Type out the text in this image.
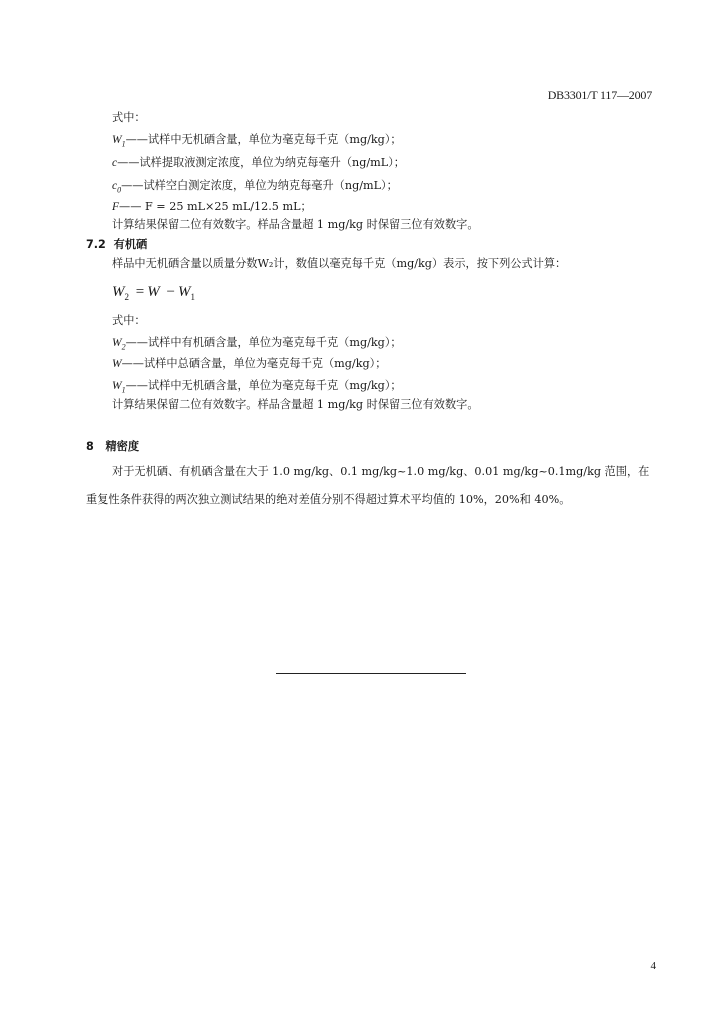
DB3301/T 117—2007
式中：
$W_1——$试样中无机硒含量，单位为毫克每千克（mg/kg）；
c——试样提取液测定浓度，单位为纳克每毫升（ng/mL）；
$c_0——$试样空白测定浓度，单位为纳克每毫升（ng/mL）；
F—— F = 25 mL×25 mL/12.5 mL；
计算结果保留二位有效数字。样品含量超 1 mg/kg 时保留三位有效数字。
7.2 有机硒
样品中无机硒含量以质量分数W₂计，数值以毫克每千克（mg/kg）表示，按下列公式计算：
$W_2 = W - W_1$
式中：
$W_2——$试样中有机硒含量，单位为毫克每千克（mg/kg）；
W——试样中总硒含量，单位为毫克每千克（mg/kg）；
$W_1——$试样中无机硒含量，单位为毫克每千克（mg/kg）；
计算结果保留二位有效数字。样品含量超 1 mg/kg 时保留三位有效数字。
8 精密度
对于无机硒、有机硒含量在大于 1.0 mg/kg、0.1 mg/kg~1.0 mg/kg、0.01 mg/kg~0.1mg/kg 范围，在
重复性条件获得的两次独立测试结果的绝对差值分别不得超过算术平均值的 10%，20%和 40%。
4
